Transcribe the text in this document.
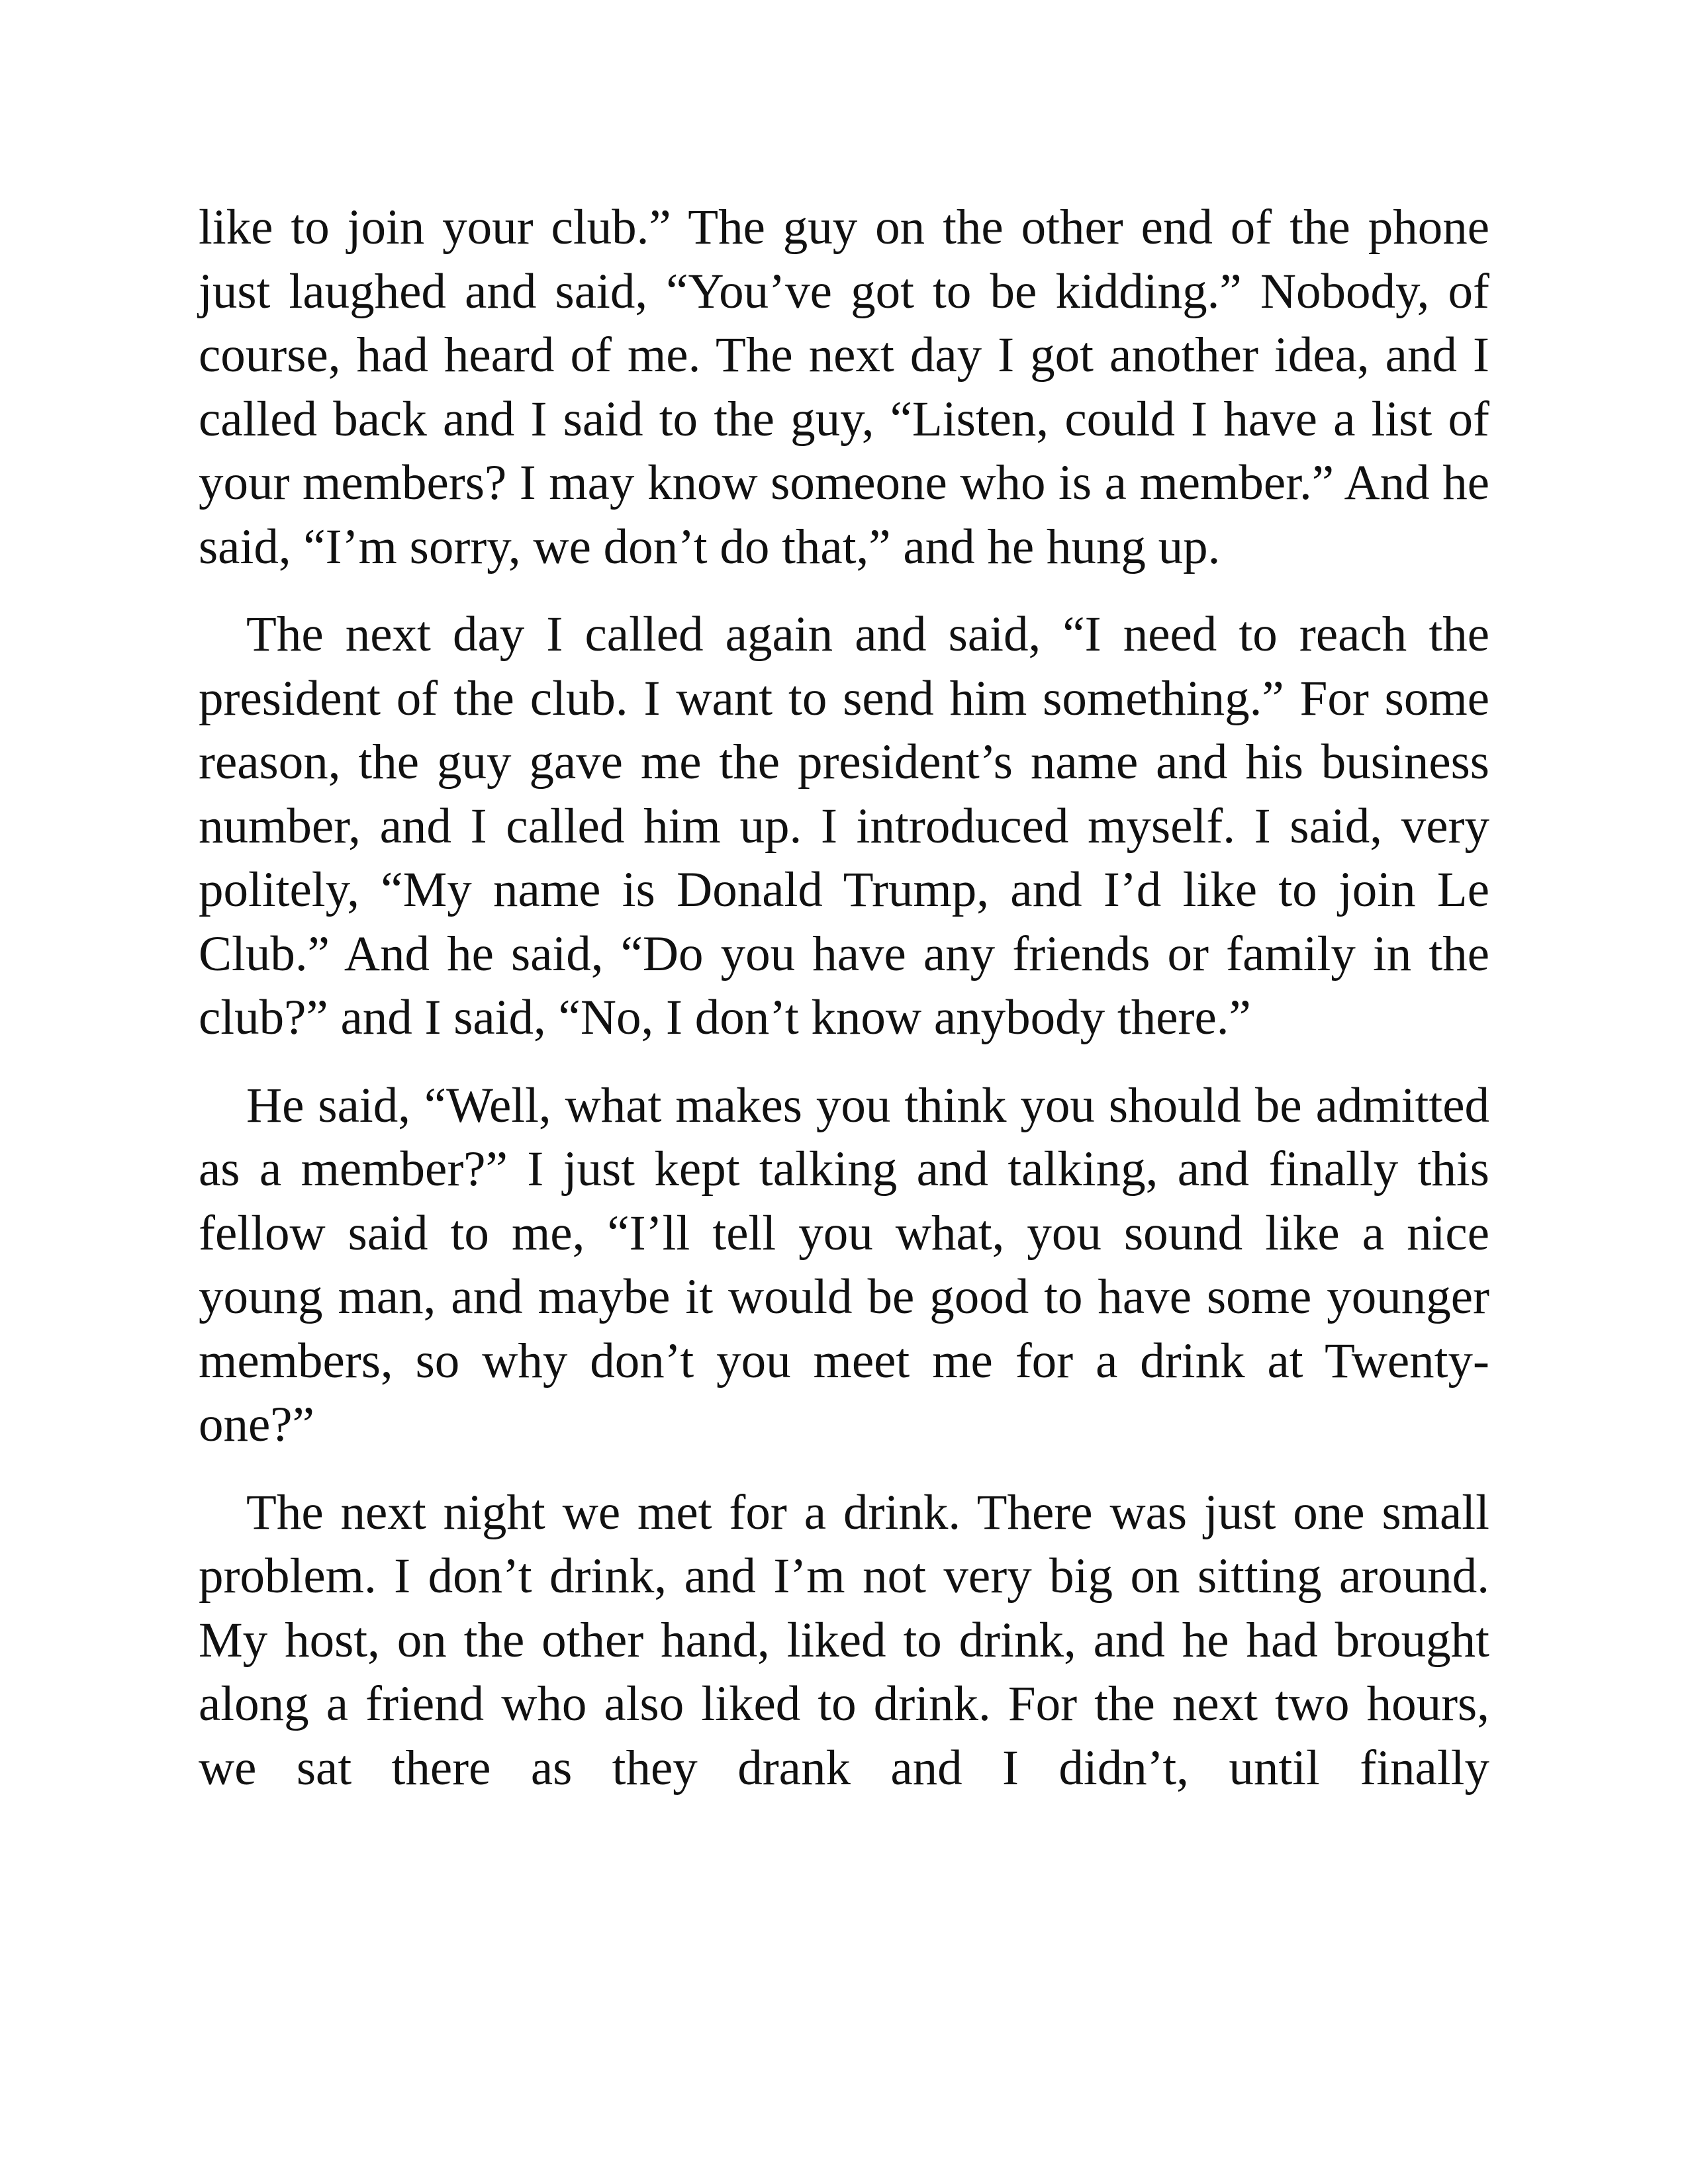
like to join your club.” The guy on the other end of the phone just laughed and said, “You’ve got to be kidding.” Nobody, of course, had heard of me. The next day I got another idea, and I called back and I said to the guy, “Listen, could I have a list of your members? I may know someone who is a member.” And he said, “I’m sorry, we don’t do that,” and he hung up.

The next day I called again and said, “I need to reach the president of the club. I want to send him something.” For some reason, the guy gave me the president’s name and his business number, and I called him up. I introduced myself. I said, very politely, “My name is Donald Trump, and I’d like to join Le Club.” And he said, “Do you have any friends or family in the club?” and I said, “No, I don’t know anybody there.”

He said, “Well, what makes you think you should be admitted as a member?” I just kept talking and talking, and finally this fellow said to me, “I’ll tell you what, you sound like a nice young man, and maybe it would be good to have some younger members, so why don’t you meet me for a drink at Twenty-one?”

The next night we met for a drink. There was just one small problem. I don’t drink, and I’m not very big on sitting around. My host, on the other hand, liked to drink, and he had brought along a friend who also liked to drink. For the next two hours, we sat there as they drank and I didn’t, until finally
